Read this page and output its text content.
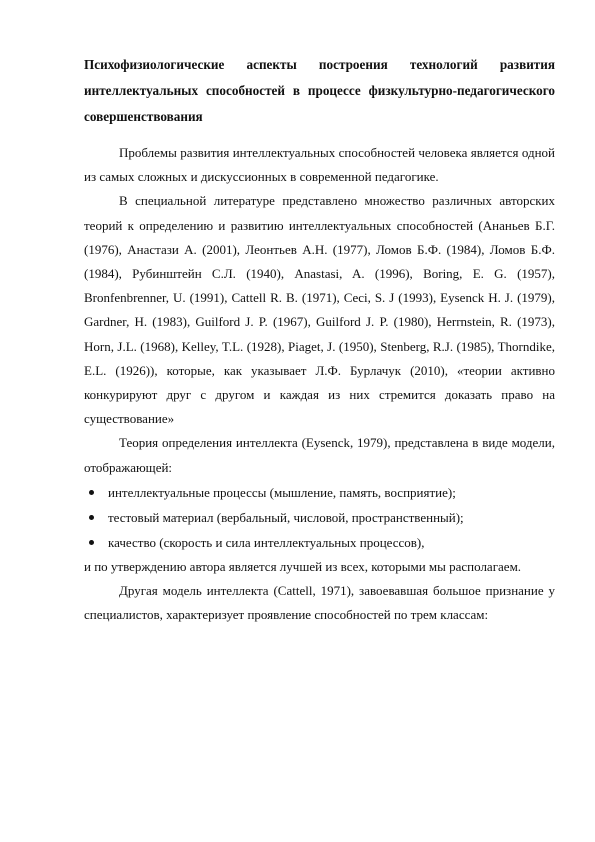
Психофизиологические аспекты построения технологий развития интеллектуальных способностей в процессе физкультурно-педагогического совершенствования

Проблемы развития интеллектуальных способностей человека является одной из самых сложных и дискуссионных в современной педагогике.

В специальной литературе представлено множество различных авторских теорий к определению и развитию интеллектуальных способностей (Ананьев Б.Г. (1976), Анастази А. (2001), Леонтьев А.Н. (1977), Ломов Б.Ф. (1984), Ломов Б.Ф. (1984), Рубинштейн С.Л. (1940), Anastasi, A. (1996), Boring, E. G. (1957), Bronfenbrenner, U. (1991), Cattell R. B. (1971), Ceci, S. J (1993), Eysenck H. J. (1979), Gardner, H. (1983), Guilford J. P. (1967), Guilford J. P. (1980), Herrnstein, R. (1973), Horn, J.L. (1968), Kelley, T.L. (1928), Piaget, J. (1950), Stenberg, R.J. (1985), Thorndike, E.L. (1926)), которые, как указывает Л.Ф. Бурлачук (2010), «теории активно конкурируют друг с другом и каждая из них стремится доказать право на существование»

Теория определения интеллекта (Eysenck, 1979), представлена в виде модели, отображающей:

интеллектуальные процессы (мышление, память, восприятие);
тестовый материал (вербальный, числовой, пространственный);
качество (скорость и сила интеллектуальных процессов),

и по утверждению автора является лучшей из всех, которыми мы располагаем.

Другая модель интеллекта (Cattell, 1971), завоевавшая большое признание у специалистов, характеризует проявление способностей по трем классам:
